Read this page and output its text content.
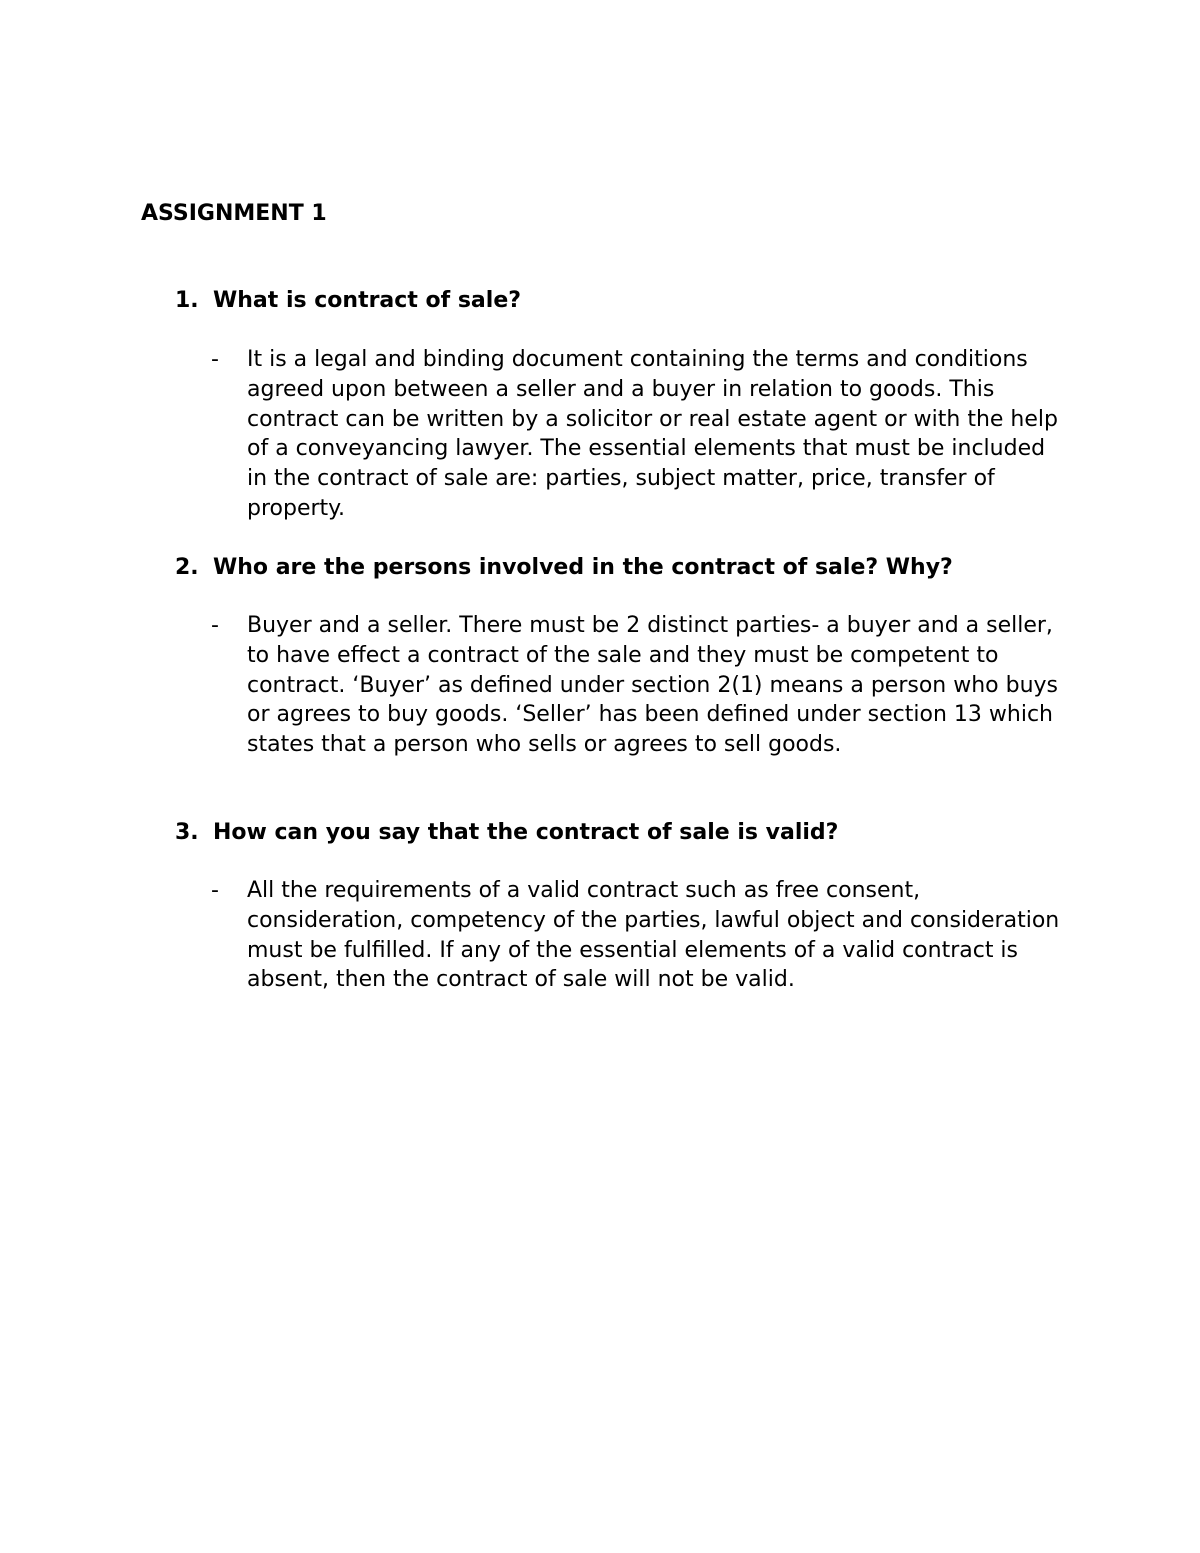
ASSIGNMENT 1
1. What is contract of sale?
-	It is a legal and binding document containing the terms and conditions agreed upon between a seller and a buyer in relation to goods. This contract can be written by a solicitor or real estate agent or with the help of a conveyancing lawyer. The essential elements that must be included in the contract of sale are: parties, subject matter, price, transfer of property.
2. Who are the persons involved in the contract of sale? Why?
-	Buyer and a seller. There must be 2 distinct parties- a buyer and a seller, to have effect a contract of the sale and they must be competent to contract. ‘Buyer’ as defined under section 2(1) means a person who buys or agrees to buy goods. ‘Seller’ has been defined under section 13 which states that a person who sells or agrees to sell goods.
3. How can you say that the contract of sale is valid?
-	All the requirements of a valid contract such as free consent, consideration, competency of the parties, lawful object and consideration must be fulfilled. If any of the essential elements of a valid contract is absent, then the contract of sale will not be valid.
